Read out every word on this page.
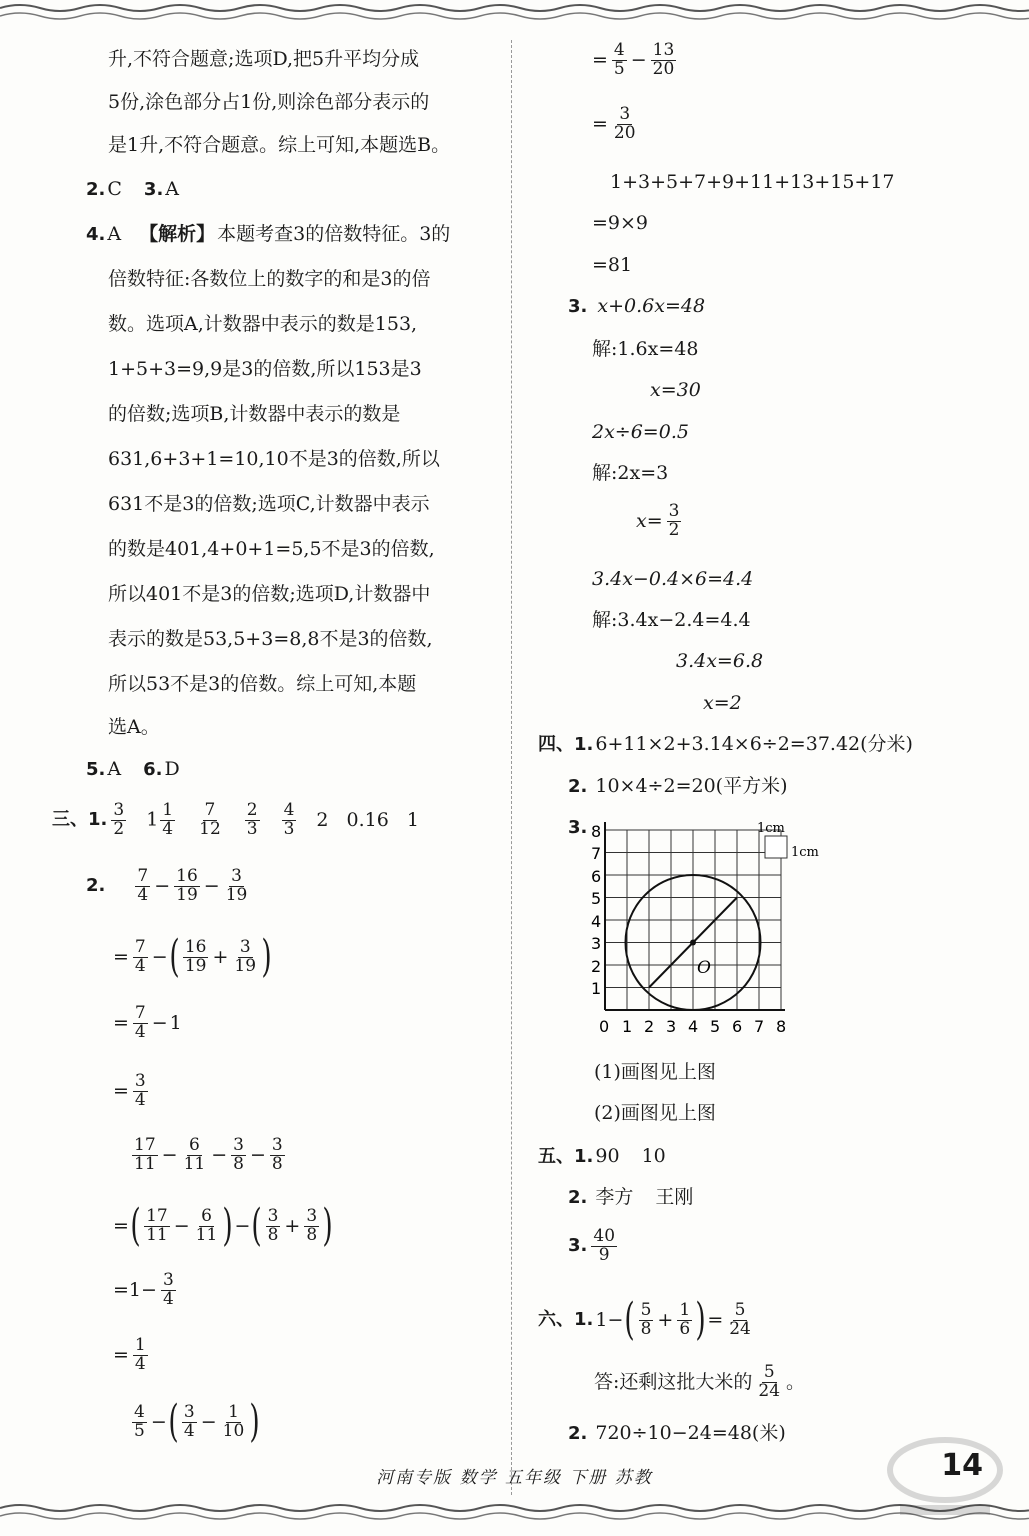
升,不符合题意;选项D,把5升平均分成
5份,涂色部分占1份,则涂色部分表示的
是1升,不符合题意。综上可知,本题选B。
2. C 3. A
4. A 【解析】 本题考查3的倍数特征。3的
倍数特征:各数位上的数字的和是3的倍
数。选项A,计数器中表示的数是153,
1+5+3=9,9是3的倍数,所以153是3
的倍数;选项B,计数器中表示的数是
631,6+3+1=10,10不是3的倍数,所以
631不是3的倍数;选项C,计数器中表示
的数是401,4+0+1=5,5不是3的倍数,
所以401不是3的倍数;选项D,计数器中
表示的数是53,5+3=8,8不是3的倍数,
所以53不是3的倍数。综上可知,本题
选A。
5. A 6. D
三、1. 3
2 $1 \frac{1}{4} 7$
12
2
3
4
3 2 0.16 1
2. 7
$4 - \frac{16}{19} - \frac{3}{19}$
= $\frac{7}{4}$ − ( 16
$19 + \frac{3}{19}$ )
= $\frac{7}{4} - 1$
= $\frac{3}{4}$
17
$11 - \frac{6}{11} - \frac{3}{8} - \frac{3}{8}$
= ( 17
$11 - \frac{6}{11}$ ) − ( 3
$8 + \frac{3}{8}$ )
$=1- \frac{3}{4}$
= $\frac{1}{4}$
4
5 − ( 3
$4 - \frac{1}{10}$ )
= $\frac{4}{5} - \frac{13}{20}$
= $\frac{3}{20}$
1+3+5+7+9+11+13+15+17
=9×9
=81
3. x+0.6x=48
解:1.6x=48
x=30
2x÷6=0.5
解:2x=3
$x= \frac{3}{2}$
3.4x−0.4×6=4.4
解:3.4x−2.4=4.4
3.4x=6.8
x=2
四、1. 6+11×2+3.14×6÷2=37.42(分米)
2. 10×4÷2=20(平方米)
3.
O
1cm
1cm
1
2
3
4
5
6
7
8
0 1 2 3 4 5 6 7 8
(1)画图见上图
(2)画图见上图
五、1. 90 10
2. 李方 王刚
3. 40
9
六、1. 1− ( 5
$8 + \frac{1}{6}$ ) = $\frac{5}{24}$
答:还剩这批大米的 5
24 。
2. 720÷10−24=48(米)
河南专版 数学 五年级 下册 苏教	14
